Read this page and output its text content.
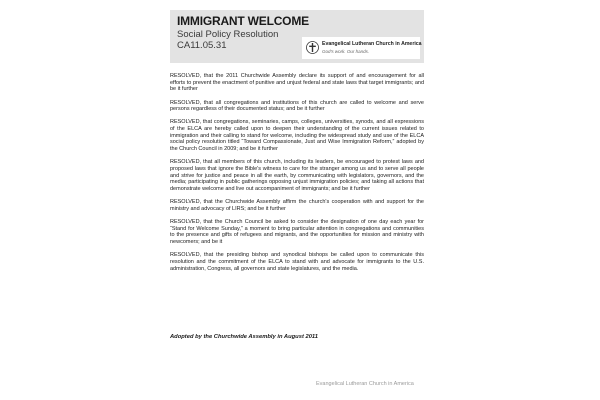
IMMIGRANT WELCOME
Social Policy Resolution
CA11.05.31	Evangelical Lutheran Church in America
God's work. Our hands.

RESOLVED, that the 2011 Churchwide Assembly declare its support of and encouragement for all efforts to prevent the enactment of punitive and unjust federal and state laws that target immigrants; and be it further

RESOLVED, that all congregations and institutions of this church are called to welcome and serve persons regardless of their documented status; and be it further

RESOLVED, that congregations, seminaries, camps, colleges, universities, synods, and all expressions of the ELCA are hereby called upon to deepen their understanding of the current issues related to immigration and their calling to stand for welcome, including the widespread study and use of the ELCA social policy resolution titled “Toward Compassionate, Just and Wise Immigration Reform,” adopted by the Church Council in 2009; and be it further

RESOLVED, that all members of this church, including its leaders, be encouraged to protest laws and proposed laws that ignore the Bible's witness to care for the stranger among us and to serve all people and strive for justice and peace in all the earth, by communicating with legislators, governors, and the media; participating in public gatherings opposing unjust immigration policies; and taking all actions that demonstrate welcome and live out accompaniment of immigrants; and be it further

RESOLVED, that the Churchwide Assembly affirm the church's cooperation with and support for the ministry and advocacy of LIRS; and be it further

RESOLVED, that the Church Council be asked to consider the designation of one day each year for “Stand for Welcome Sunday,” a moment to bring particular attention in congregations and communities to the presence and gifts of refugees and migrants, and the opportunities for mission and ministry with newcomers; and be it

RESOLVED, that the presiding bishop and synodical bishops be called upon to communicate this resolution and the commitment of the ELCA to stand with and advocate for immigrants to the U.S. administration, Congress, all governors and state legislatures, and the media.

Adopted by the Churchwide Assembly in August 2011
Evangelical Lutheran Church in America
